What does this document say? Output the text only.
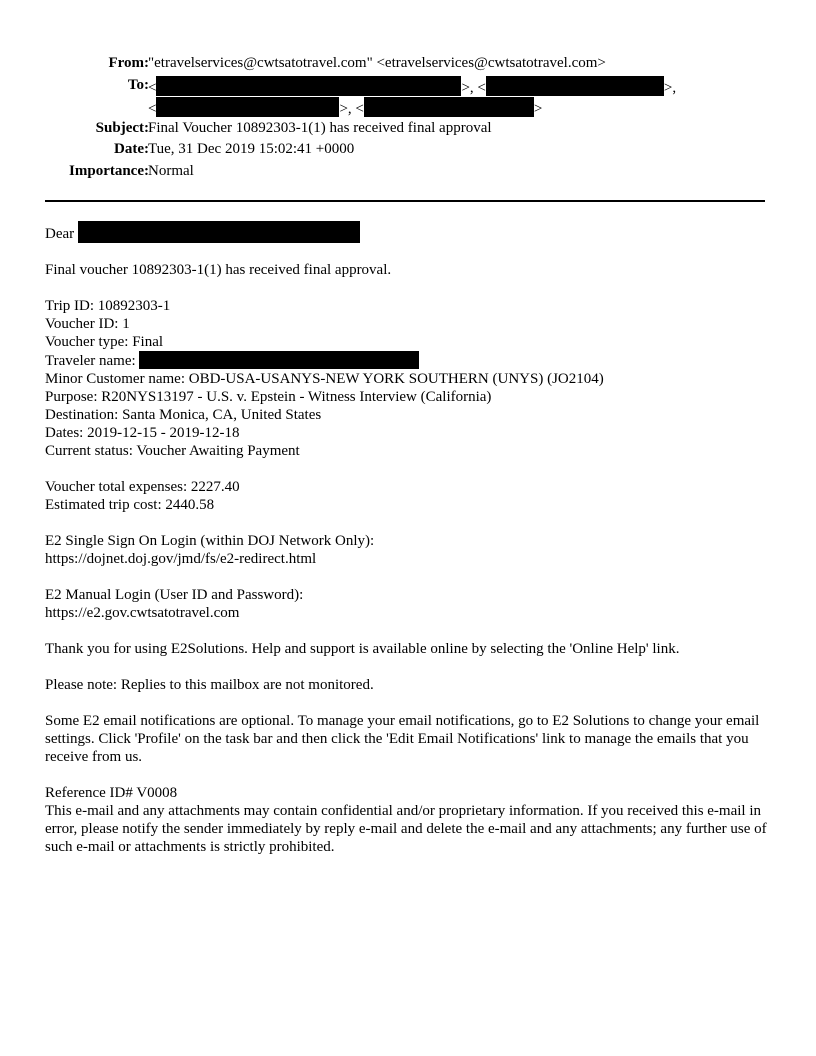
From: "etravelservices@cwtsatotravel.com" <etravelservices@cwtsatotravel.com>
To: <	>, <	>,
<	>, <	>
Subject: Final Voucher 10892303-1(1) has received final approval
Date: Tue, 31 Dec 2019 15:02:41 +0000
Importance: Normal

Dear

Final voucher 10892303-1(1) has received final approval.

Trip ID: 10892303-1

Voucher ID: 1

Voucher type: Final

Traveler name:

Minor Customer name: OBD-USA-USANYS-NEW YORK SOUTHERN (UNYS) (JO2104)

Purpose: R20NYS13197 - U.S. v. Epstein - Witness Interview (California)

Destination: Santa Monica, CA, United States

Dates: 2019-12-15 - 2019-12-18

Current status: Voucher Awaiting Payment

Voucher total expenses: 2227.40

Estimated trip cost: 2440.58

E2 Single Sign On Login (within DOJ Network Only):

https://dojnet.doj.gov/jmd/fs/e2-redirect.html

E2 Manual Login (User ID and Password):

https://e2.gov.cwtsatotravel.com

Thank you for using E2Solutions. Help and support is available online by selecting the 'Online Help' link.

Please note: Replies to this mailbox are not monitored.

Some E2 email notifications are optional. To manage your email notifications, go to E2 Solutions to change your email settings. Click 'Profile' on the task bar and then click the 'Edit Email Notifications' link to manage the emails that you receive from us.

Reference ID# V0008

This e-mail and any attachments may contain confidential and/or proprietary information. If you received this e-mail in error, please notify the sender immediately by reply e-mail and delete the e-mail and any attachments; any further use of such e-mail or attachments is strictly prohibited.
